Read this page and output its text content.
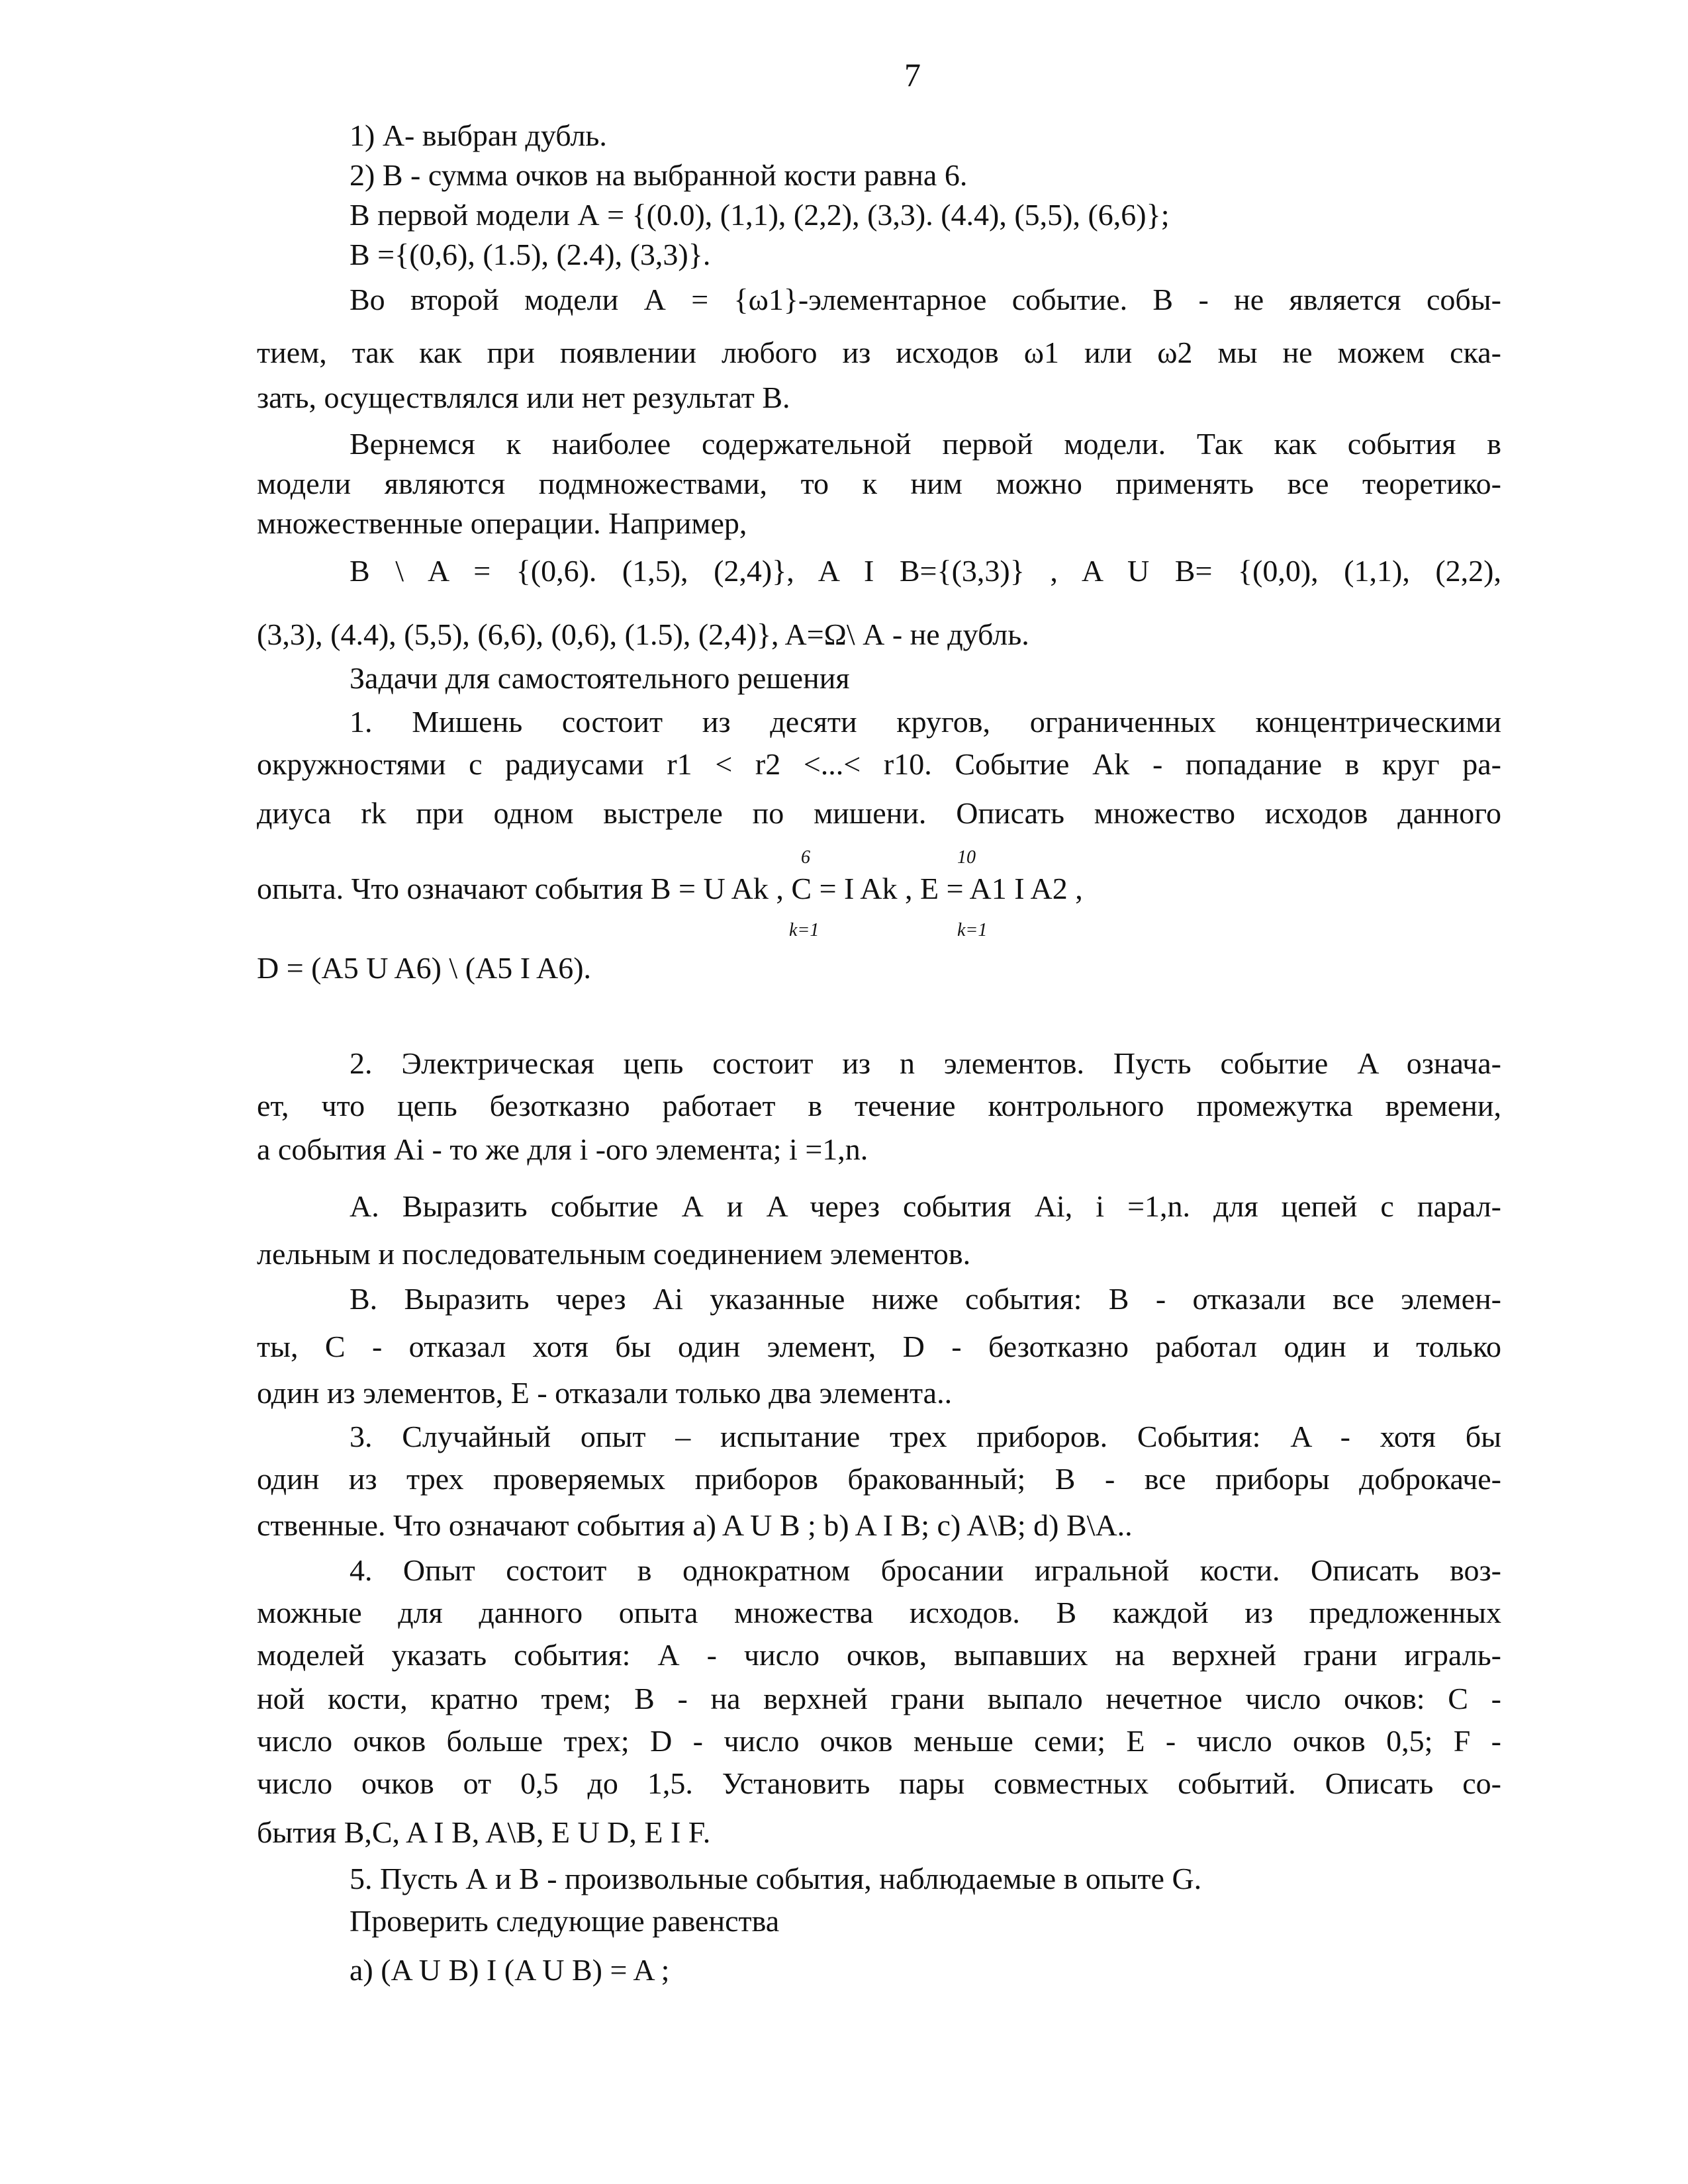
7
1) А- выбран дубль.
2) B - сумма очков на выбранной кости равна 6.
В первой модели А = {(0.0), (1,1), (2,2), (3,3). (4.4), (5,5), (6,6)};
B ={(0,6), (1.5), (2.4), (3,3)}.
Во второй модели А = {ω1}-элементарное событие. B - не является собы-
тием, так как при появлении любого из исходов ω1 или ω2 мы не можем ска-
зать, осуществлялся или нет результат B.
Вернемся к наиболее содержательной первой модели. Так как события в
модели являются подмножествами, то к ним можно применять все теоретико-
множественные операции. Например,
B \ A = {(0,6). (1,5), (2,4)}, A I B={(3,3)} , A U B= {(0,0), (1,1), (2,2),
(3,3), (4.4), (5,5), (6,6), (0,6), (1.5), (2,4)}, A=Ω\ А - не дубль.
Задачи для самостоятельного решения
1. Мишень состоит из десяти кругов, ограниченных концентрическими
окружностями с радиусами r1 < r2 <...< r10. Событие Ak - попадание в круг ра-
диуса rk при одном выстреле по мишени. Описать множество исходов данного
6	10
опыта. Что означают события B = U Ak , C = I Ak , E = A1 I A2 ,
k=1	k=1
D = (A5 U A6) \ (A5 I A6).
2. Электрическая цепь состоит из n элементов. Пусть событие A означа-
ет, что цепь безотказно работает в течение контрольного промежутка времени,
а события Ai - то же для i -ого элемента; i =1,n.
А. Выразить событие А и A через события Ai, i =1,n. для цепей с парал-
лельным и последовательным соединением элементов.
В. Выразить через Ai указанные ниже события: B - отказали все элемен-
ты, C - отказал хотя бы один элемент, D - безотказно работал один и только
один из элементов, E - отказали только два элемента..
3. Случайный опыт – испытание трех приборов. События: A - хотя бы
один из трех проверяемых приборов бракованный; B - все приборы доброкаче-
ственные. Что означают события a) A U B ; b) A I B; c) A\B; d) B\A..
4. Опыт состоит в однократном бросании игральной кости. Описать воз-
можные для данного опыта множества исходов. В каждой из предложенных
моделей указать события: А - число очков, выпавших на верхней грани играль-
ной кости, кратно трем; B - на верхней грани выпало нечетное число очков: C -
число очков больше трех; D - число очков меньше семи; E - число очков 0,5; F -
число очков от 0,5 до 1,5. Установить пары совместных событий. Описать со-
бытия B,C, A I B, A\B, E U D, E I F.
5. Пусть А и B - произвольные события, наблюдаемые в опыте G.
Проверить следующие равенства
a) (A U B) I (A U B) = A ;
